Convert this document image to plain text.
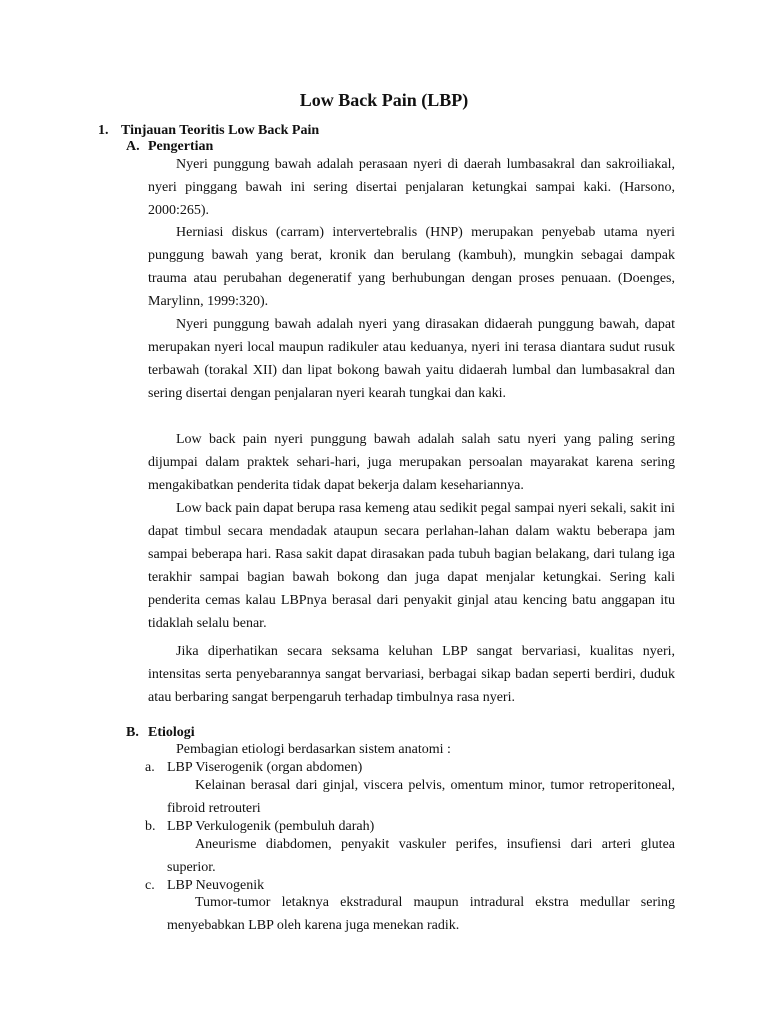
Low Back Pain (LBP)
1. Tinjauan Teoritis Low Back Pain
A. Pengertian

Nyeri punggung bawah adalah perasaan nyeri di daerah lumbasakral dan sakroiliakal, nyeri pinggang bawah ini sering disertai penjalaran ketungkai sampai kaki. (Harsono, 2000:265).

Herniasi diskus (carram) intervertebralis (HNP) merupakan penyebab utama nyeri punggung bawah yang berat, kronik dan berulang (kambuh), mungkin sebagai dampak trauma atau perubahan degeneratif yang berhubungan dengan proses penuaan. (Doenges, Marylinn, 1999:320).

Nyeri punggung bawah adalah nyeri yang dirasakan didaerah punggung bawah, dapat merupakan nyeri local maupun radikuler atau keduanya, nyeri ini terasa diantara sudut rusuk terbawah (torakal XII) dan lipat bokong bawah yaitu didaerah lumbal dan lumbasakral dan sering disertai dengan penjalaran nyeri kearah tungkai dan kaki.

Low back pain nyeri punggung bawah adalah salah satu nyeri yang paling sering dijumpai dalam praktek sehari-hari, juga merupakan persoalan mayarakat karena sering mengakibatkan penderita tidak dapat bekerja dalam kesehariannya.

Low back pain dapat berupa rasa kemeng atau sedikit pegal sampai nyeri sekali, sakit ini dapat timbul secara mendadak ataupun secara perlahan-lahan dalam waktu beberapa jam sampai beberapa hari. Rasa sakit dapat dirasakan pada tubuh bagian belakang, dari tulang iga terakhir sampai bagian bawah bokong dan juga dapat menjalar ketungkai. Sering kali penderita cemas kalau LBPnya berasal dari penyakit ginjal atau kencing batu anggapan itu tidaklah selalu benar.

Jika diperhatikan secara seksama keluhan LBP sangat bervariasi, kualitas nyeri, intensitas serta penyebarannya sangat bervariasi, berbagai sikap badan seperti berdiri, duduk atau berbaring sangat berpengaruh terhadap timbulnya rasa nyeri.

B. Etiologi

Pembagian etiologi berdasarkan sistem anatomi :

a. LBP Viserogenik (organ abdomen)

Kelainan berasal dari ginjal, viscera pelvis, omentum minor, tumor retroperitoneal, fibroid retrouteri

b. LBP Verkulogenik (pembuluh darah)

Aneurisme diabdomen, penyakit vaskuler perifes, insufiensi dari arteri glutea superior.

c. LBP Neuvogenik

Tumor-tumor letaknya ekstradural maupun intradural ekstra medullar sering menyebabkan LBP oleh karena juga menekan radik.
